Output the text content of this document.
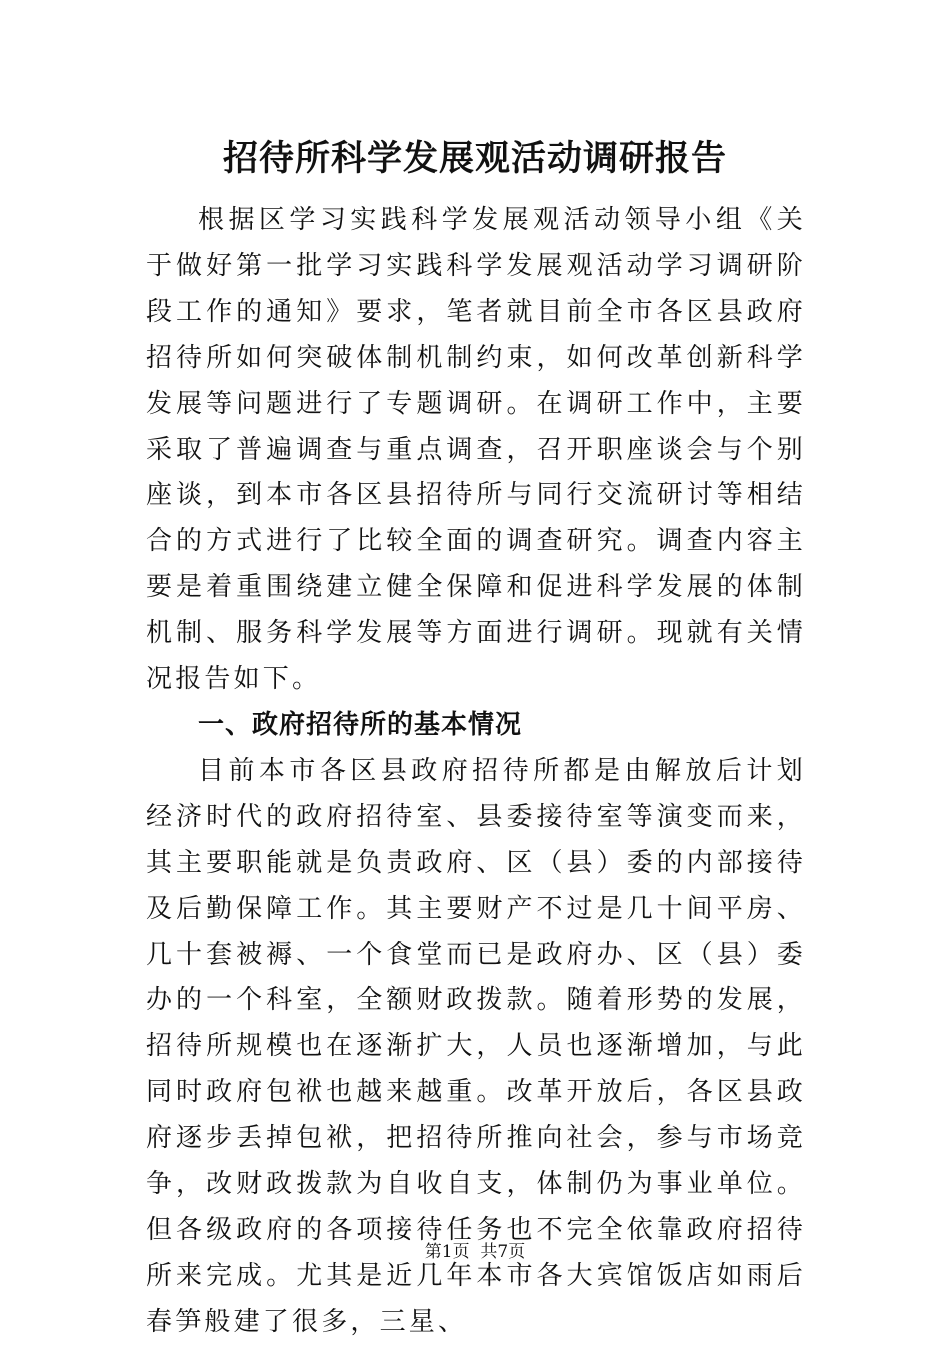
招待所科学发展观活动调研报告

根据区学习实践科学发展观活动领导小组《关于做好第一批学习实践科学发展观活动学习调研阶段工作的通知》要求，笔者就目前全市各区县政府招待所如何突破体制机制约束，如何改革创新科学发展等问题进行了专题调研。在调研工作中，主要采取了普遍调查与重点调查，召开职座谈会与个别座谈，到本市各区县招待所与同行交流研讨等相结合的方式进行了比较全面的调查研究。调查内容主要是着重围绕建立健全保障和促进科学发展的体制机制、服务科学发展等方面进行调研。现就有关情况报告如下。

一、政府招待所的基本情况

目前本市各区县政府招待所都是由解放后计划经济时代的政府招待室、县委接待室等演变而来，其主要职能就是负责政府、区（县）委的内部接待及后勤保障工作。其主要财产不过是几十间平房、几十套被褥、一个食堂而已是政府办、区（县）委办的一个科室，全额财政拨款。随着形势的发展，招待所规模也在逐渐扩大，人员也逐渐增加，与此同时政府包袱也越来越重。改革开放后，各区县政府逐步丢掉包袱，把招待所推向社会，参与市场竞争，改财政拨款为自收自支，体制仍为事业单位。但各级政府的各项接待任务也不完全依靠政府招待所来完成。尤其是近几年本市各大宾馆饭店如雨后春笋般建了很多，三星、

第1页 共7页
